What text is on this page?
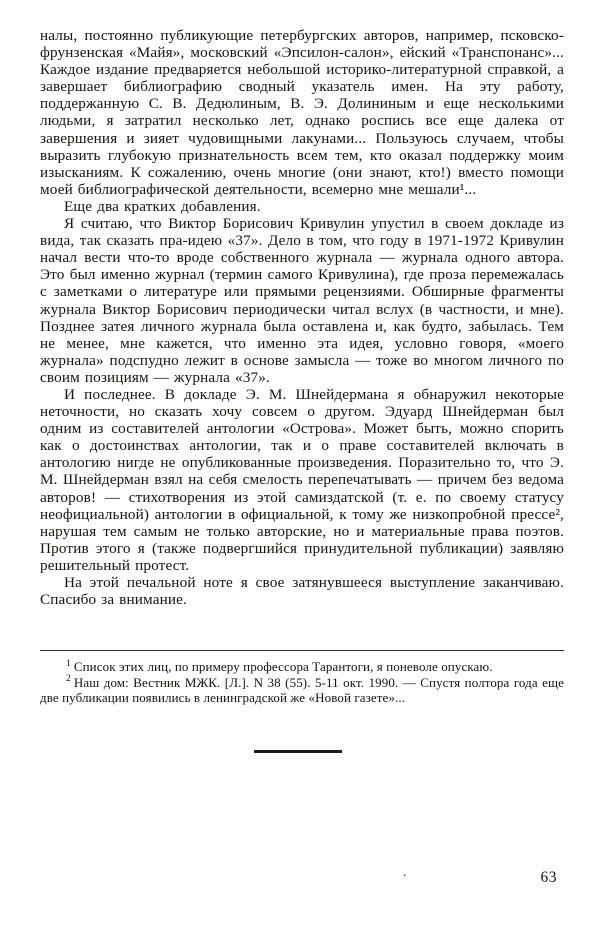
налы, постоянно публикующие петербургских авторов, например, псковско-фрунзенская «Майя», московский «Эпсилон-салон», ейский «Транспонанс»... Каждое издание предваряется небольшой историко-литературной справкой, а завершает библиографию сводный указатель имен. На эту работу, поддержанную С. В. Дедюлиным, В. Э. Долининым и еще несколькими людьми, я затратил несколько лет, однако роспись все еще далека от завершения и зияет чудовищными лакунами... Пользуюсь случаем, чтобы выразить глубокую признательность всем тем, кто оказал поддержку моим изысканиям. К сожалению, очень многие (они знают, кто!) вместо помощи моей библиографической деятельности, всемерно мне мешали¹...

Еще два кратких добавления.

Я считаю, что Виктор Борисович Кривулин упустил в своем докладе из вида, так сказать пра-идею «37». Дело в том, что году в 1971-1972 Кривулин начал вести что-то вроде собственного журнала — журнала одного автора. Это был именно журнал (термин самого Кривулина), где проза перемежалась с заметками о литературе или прямыми рецензиями. Обширные фрагменты журнала Виктор Борисович периодически читал вслух (в частности, и мне). Позднее затея личного журнала была оставлена и, как будто, забылась. Тем не менее, мне кажется, что именно эта идея, условно говоря, «моего журнала» подспудно лежит в основе замысла — тоже во многом личного по своим позициям — журнала «37».

И последнее. В докладе Э. М. Шнейдермана я обнаружил некоторые неточности, но сказать хочу совсем о другом. Эдуард Шнейдерман был одним из составителей антологии «Острова». Может быть, можно спорить как о достоинствах антологии, так и о праве составителей включать в антологию нигде не опубликованные произведения. Поразительно то, что Э. М. Шнейдерман взял на себя смелость перепечатывать — причем без ведома авторов! — стихотворения из этой самиздатской (т. е. по своему статусу неофициальной) антологии в официальной, к тому же низкопробной прессе², нарушая тем самым не только авторские, но и материальные права поэтов. Против этого я (также подвергшийся принудительной публикации) заявляю решительный протест.

На этой печальной ноте я свое затянувшееся выступление заканчиваю. Спасибо за внимание.

$^1$ Список этих лиц, по примеру профессора Тарантоги, я поневоле опускаю.

$^2$ Наш дом: Вестник МЖК. [Л.]. N 38 (55). 5-11 окт. 1990. — Спустя полтора года еще две публикации появились в ленинградской же «Новой газете»...

.	63
